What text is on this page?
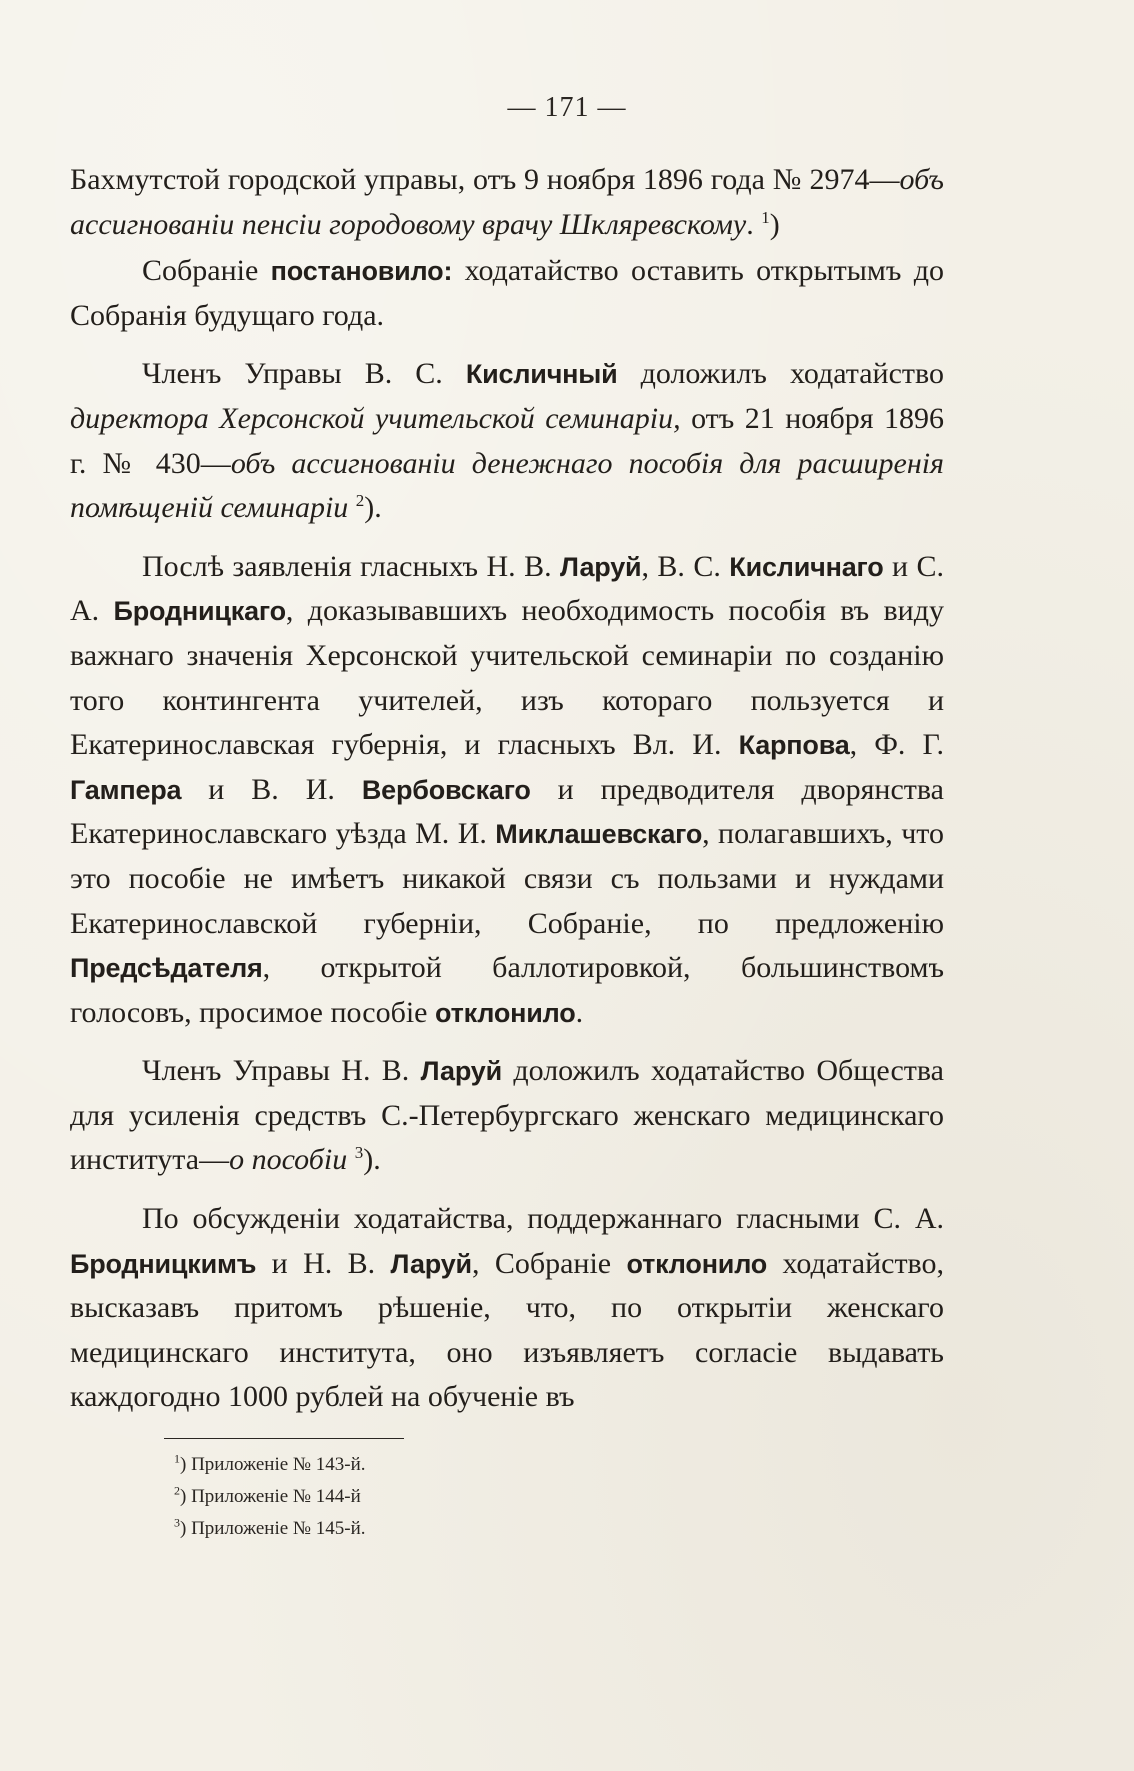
— 171 —

Бахмутстой городской управы, отъ 9 ноября 1896 года № 2974—объ ассигнованіи пенсіи городовому врачу Шкляревскому. $^1$)

Собраніе постановило: ходатайство оставить открытымъ до Собранія будущаго года.

Членъ Управы В. С. Кисличный доложилъ ходатайство директора Херсонской учительской семинаріи, отъ 21 ноября 1896 г. № 430—объ ассигнованіи денежнаго пособія для расширенія помѣщеній семинаріи $^2$).

Послѣ заявленія гласныхъ Н. В. Ларуй, В. С. Кисличнаго и С. А. Бродницкаго, доказывавшихъ необходимость пособія въ виду важнаго значенія Херсонской учительской семинаріи по созданію того контингента учителей, изъ котораго пользуется и Екатеринославская губернія, и гласныхъ Вл. И. Карпова, Ф. Г. Гампера и В. И. Вербовскаго и предводителя дворянства Екатеринославскаго уѣзда М. И. Миклашевскаго, полагавшихъ, что это пособіе не имѣетъ никакой связи съ пользами и нуждами Екатеринославской губерніи, Собраніе, по предложенію Предсѣдателя, открытой баллотировкой, большинствомъ голосовъ, просимое пособіе отклонило.

Членъ Управы Н. В. Ларуй доложилъ ходатайство Общества для усиленія средствъ С.-Петербургскаго женскаго медицинскаго института—о пособіи $^3$).

По обсужденіи ходатайства, поддержаннаго гласными С. А. Бродницкимъ и Н. В. Ларуй, Собраніе отклонило ходатайство, высказавъ притомъ рѣшеніе, что, по открытіи женскаго медицинскаго института, оно изъявляетъ согласіе выдавать каждогодно 1000 рублей на обученіе въ

$^1$) Приложеніе № 143-й.
$^2$) Приложеніе № 144-й
$^3$) Приложеніе № 145-й.
